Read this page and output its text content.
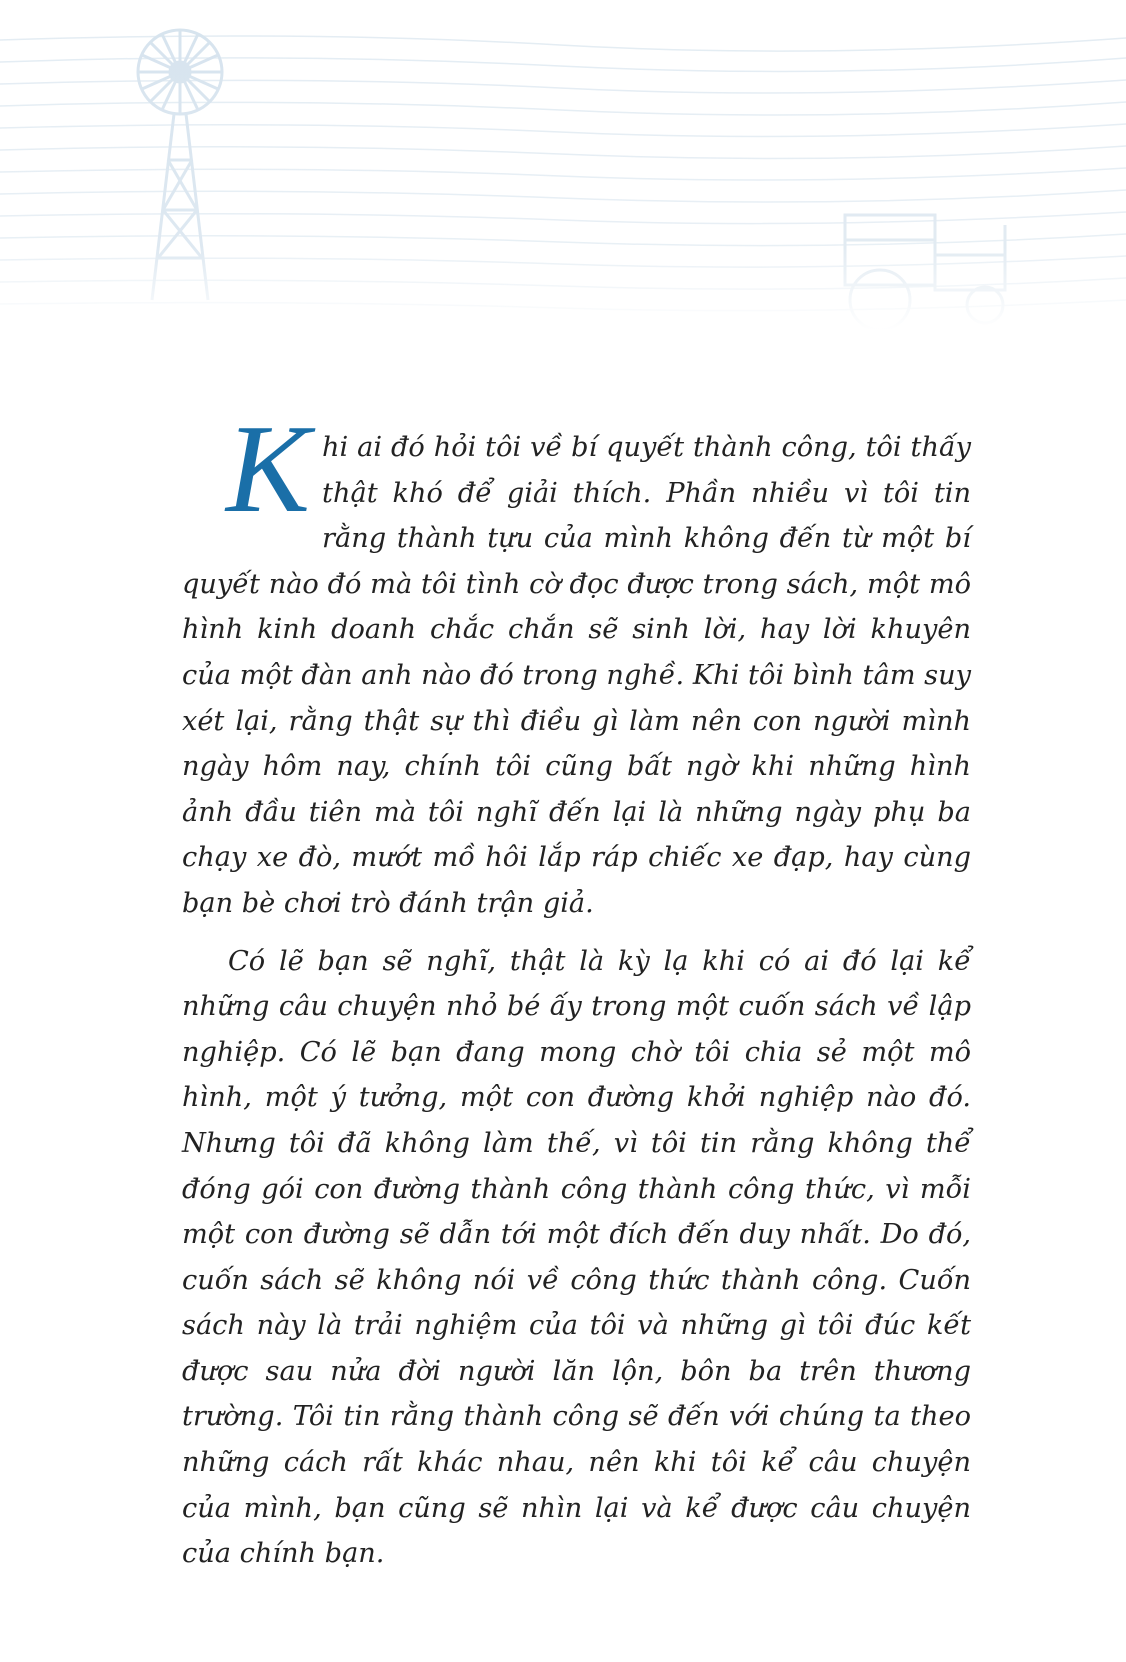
Khi ai đó hỏi tôi về bí quyết thành công, tôi thấy thật khó để giải thích. Phần nhiều vì tôi tin rằng thành tựu của mình không đến từ một bí quyết nào đó mà tôi tình cờ đọc được trong sách, một mô hình kinh doanh chắc chắn sẽ sinh lời, hay lời khuyên của một đàn anh nào đó trong nghề. Khi tôi bình tâm suy xét lại, rằng thật sự thì điều gì làm nên con người mình ngày hôm nay, chính tôi cũng bất ngờ khi những hình ảnh đầu tiên mà tôi nghĩ đến lại là những ngày phụ ba chạy xe đò, mướt mồ hôi lắp ráp chiếc xe đạp, hay cùng bạn bè chơi trò đánh trận giả.

Có lẽ bạn sẽ nghĩ, thật là kỳ lạ khi có ai đó lại kể những câu chuyện nhỏ bé ấy trong một cuốn sách về lập nghiệp. Có lẽ bạn đang mong chờ tôi chia sẻ một mô hình, một ý tưởng, một con đường khởi nghiệp nào đó. Nhưng tôi đã không làm thế, vì tôi tin rằng không thể đóng gói con đường thành công thành công thức, vì mỗi một con đường sẽ dẫn tới một đích đến duy nhất. Do đó, cuốn sách sẽ không nói về công thức thành công. Cuốn sách này là trải nghiệm của tôi và những gì tôi đúc kết được sau nửa đời người lăn lộn, bôn ba trên thương trường. Tôi tin rằng thành công sẽ đến với chúng ta theo những cách rất khác nhau, nên khi tôi kể câu chuyện của mình, bạn cũng sẽ nhìn lại và kể được câu chuyện của chính bạn.
